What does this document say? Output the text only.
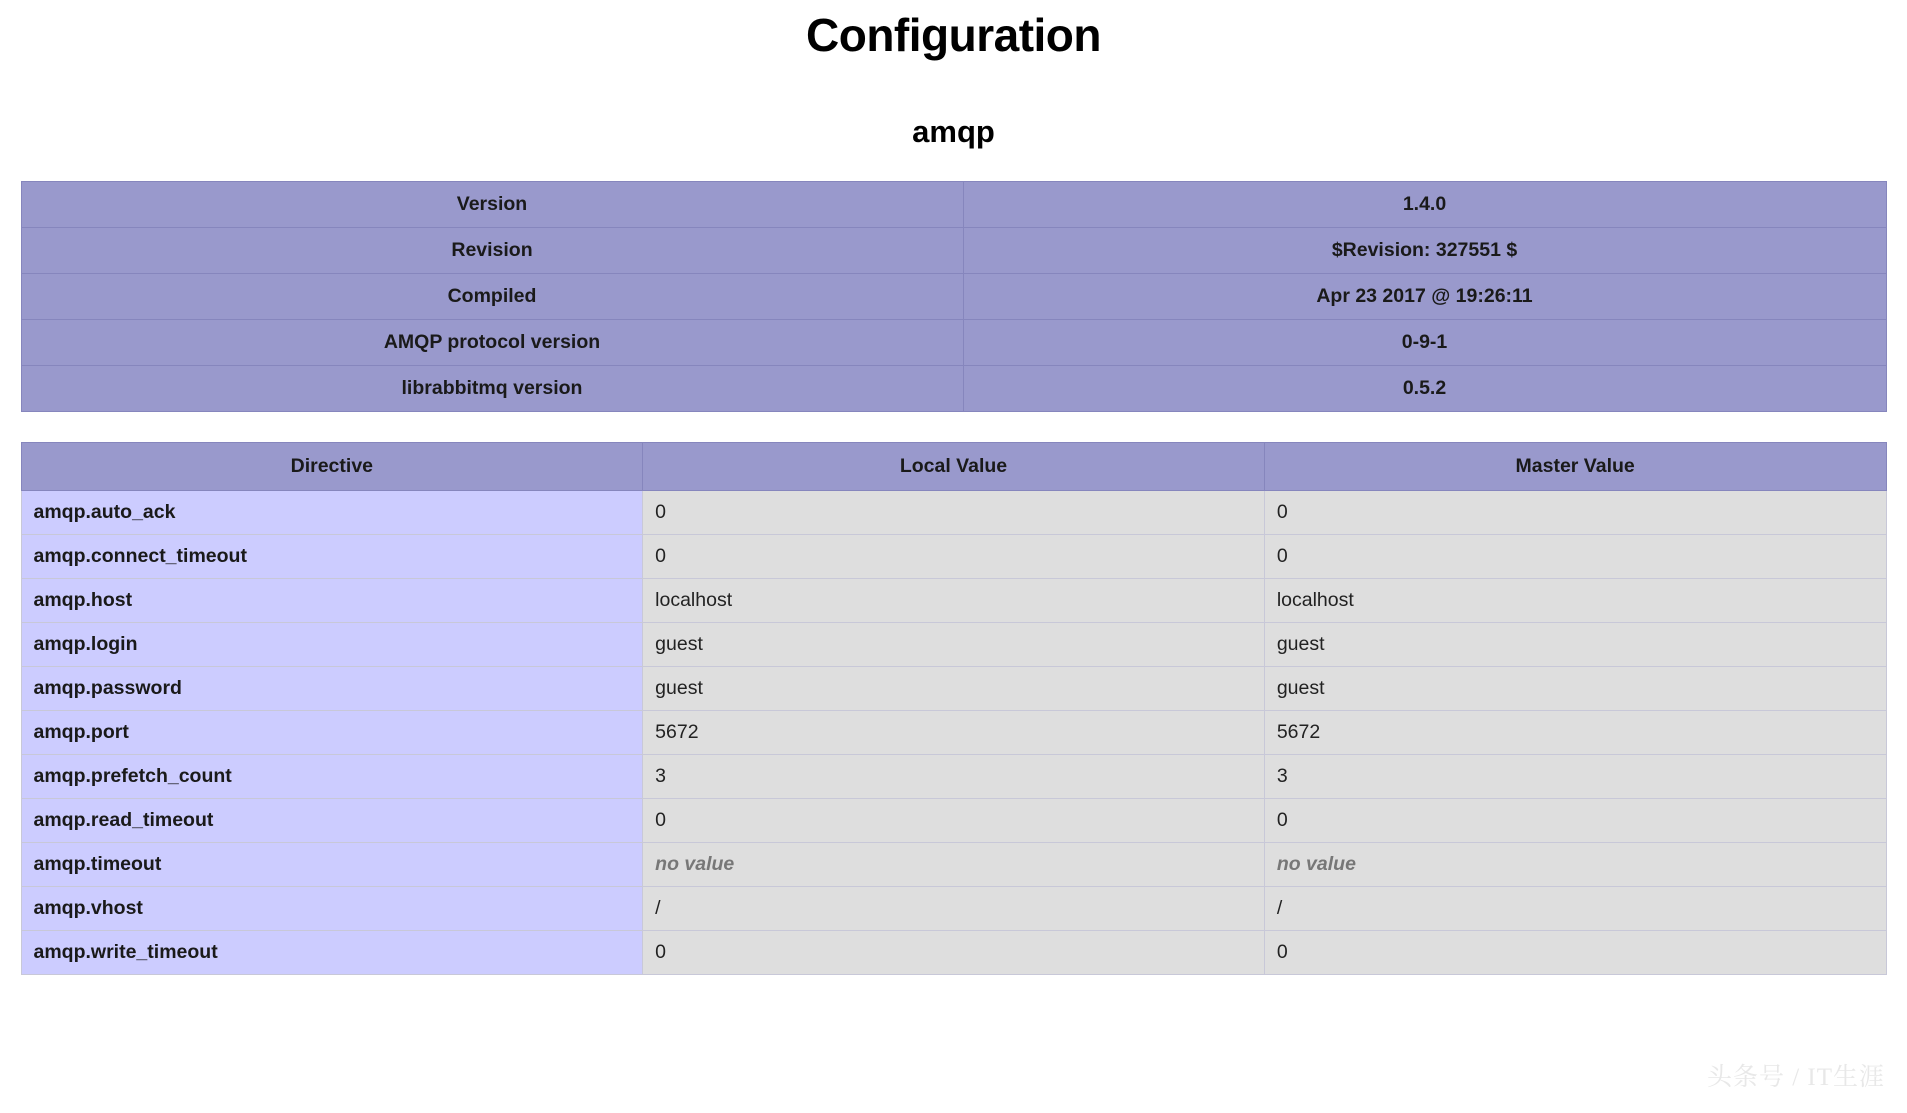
Configuration
amqp
Version	1.4.0
Revision	$Revision: 327551 $
Compiled	Apr 23 2017 @ 19:26:11
AMQP protocol version	0-9-1
librabbitmq version	0.5.2
Directive	Local Value	Master Value
amqp.auto_ack	0	0
amqp.connect_timeout	0	0
amqp.host	localhost	localhost
amqp.login	guest	guest
amqp.password	guest	guest
amqp.port	5672	5672
amqp.prefetch_count	3	3
amqp.read_timeout	0	0
amqp.timeout	no value	no value
amqp.vhost	/	/
amqp.write_timeout	0	0
头条号 / IT生涯
